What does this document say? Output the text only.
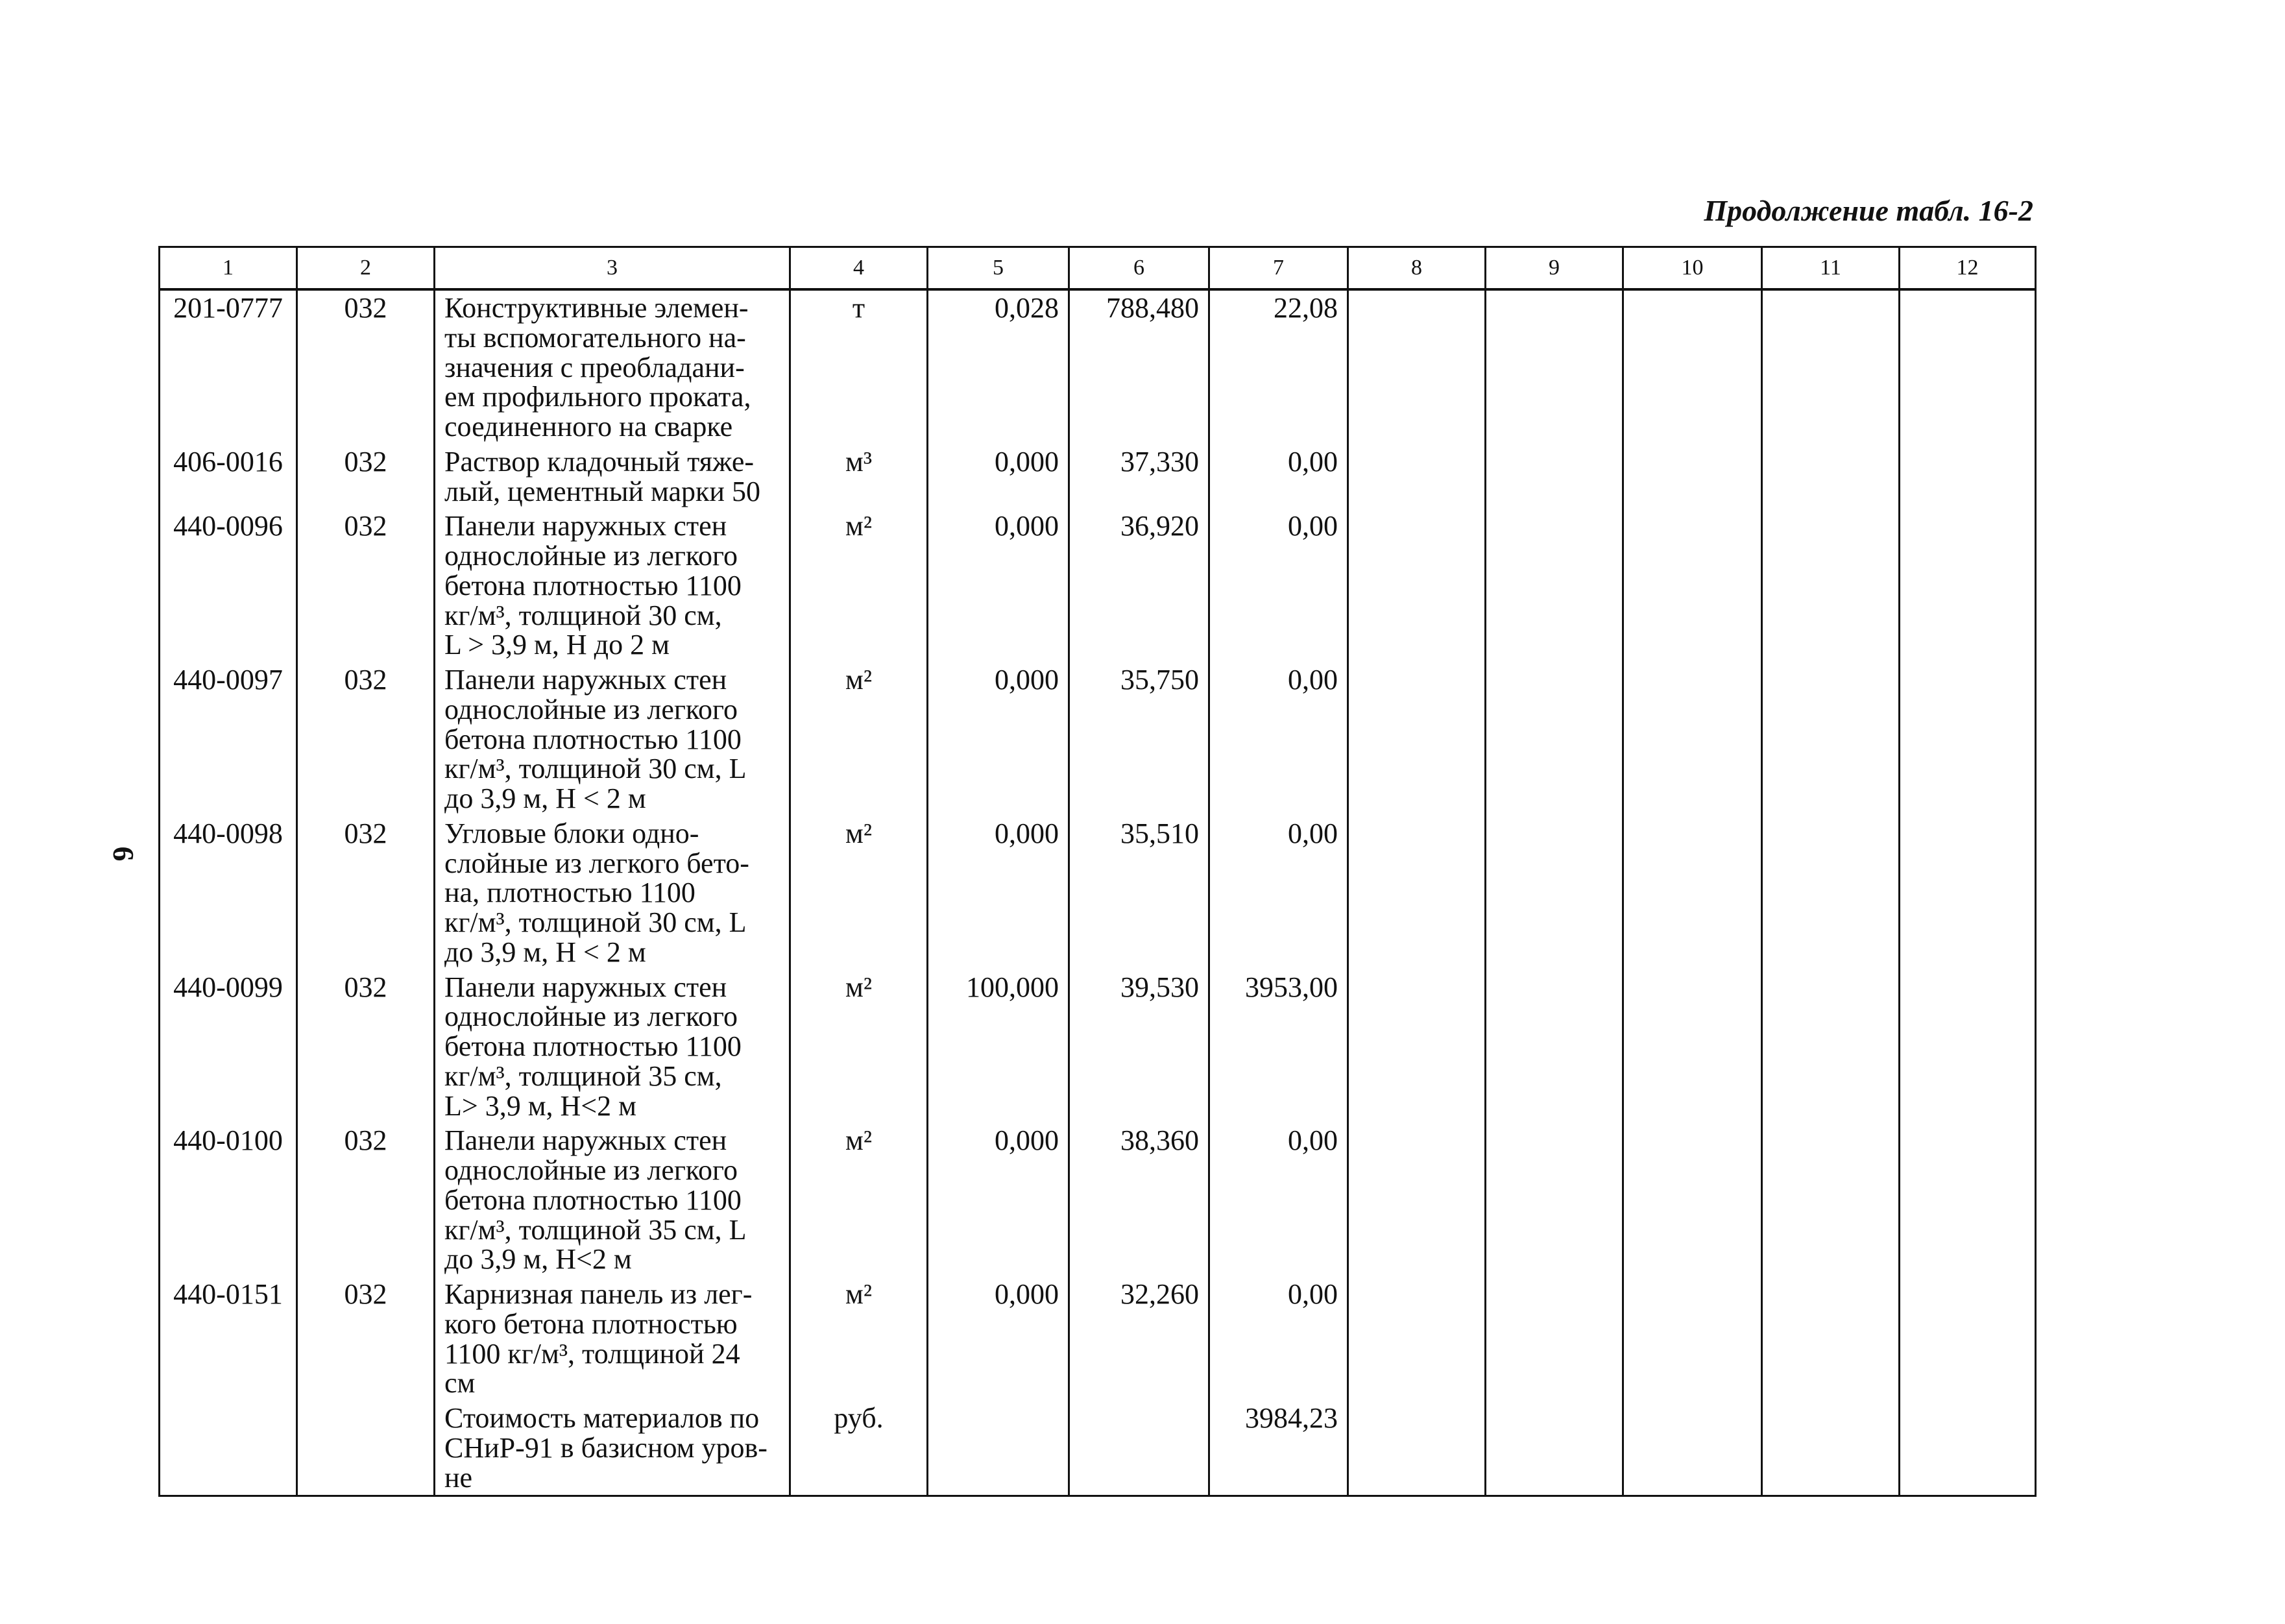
6
Продолжение табл. 16-2
1	2	3	4	5	6	7	8	9	10	11	12
201-0777	032	Конструктивные элемен-
ты вспомогательного на-
значения с преобладани-
ем профильного проката,
соединенного на сварке	т	0,028	788,480	22,08					
406-0016	032	Раствор кладочный тяже-
лый, цементный марки 50	м³	0,000	37,330	0,00					
440-0096	032	Панели наружных стен
однослойные из легкого
бетона плотностью 1100
кг/м³, толщиной 30 см,
L > 3,9 м, Н до 2 м	м²	0,000	36,920	0,00					
440-0097	032	Панели наружных стен
однослойные из легкого
бетона плотностью 1100
кг/м³, толщиной 30 см, L
до 3,9 м, Н < 2 м	м²	0,000	35,750	0,00					
440-0098	032	Угловые блоки одно-
слойные из легкого бето-
на, плотностью 1100
кг/м³, толщиной 30 см, L
до 3,9 м, Н < 2 м	м²	0,000	35,510	0,00					
440-0099	032	Панели наружных стен
однослойные из легкого
бетона плотностью 1100
кг/м³, толщиной 35 см,
L> 3,9 м, Н<2 м	м²	100,000	39,530	3953,00					
440-0100	032	Панели наружных стен
однослойные из легкого
бетона плотностью 1100
кг/м³, толщиной 35 см, L
до 3,9 м, Н<2 м	м²	0,000	38,360	0,00					
440-0151	032	Карнизная панель из лег-
кого бетона плотностью
1100 кг/м³, толщиной 24
см	м²	0,000	32,260	0,00					
		Стоимость материалов по
СНиР-91 в базисном уров-
не	руб.			3984,23					
